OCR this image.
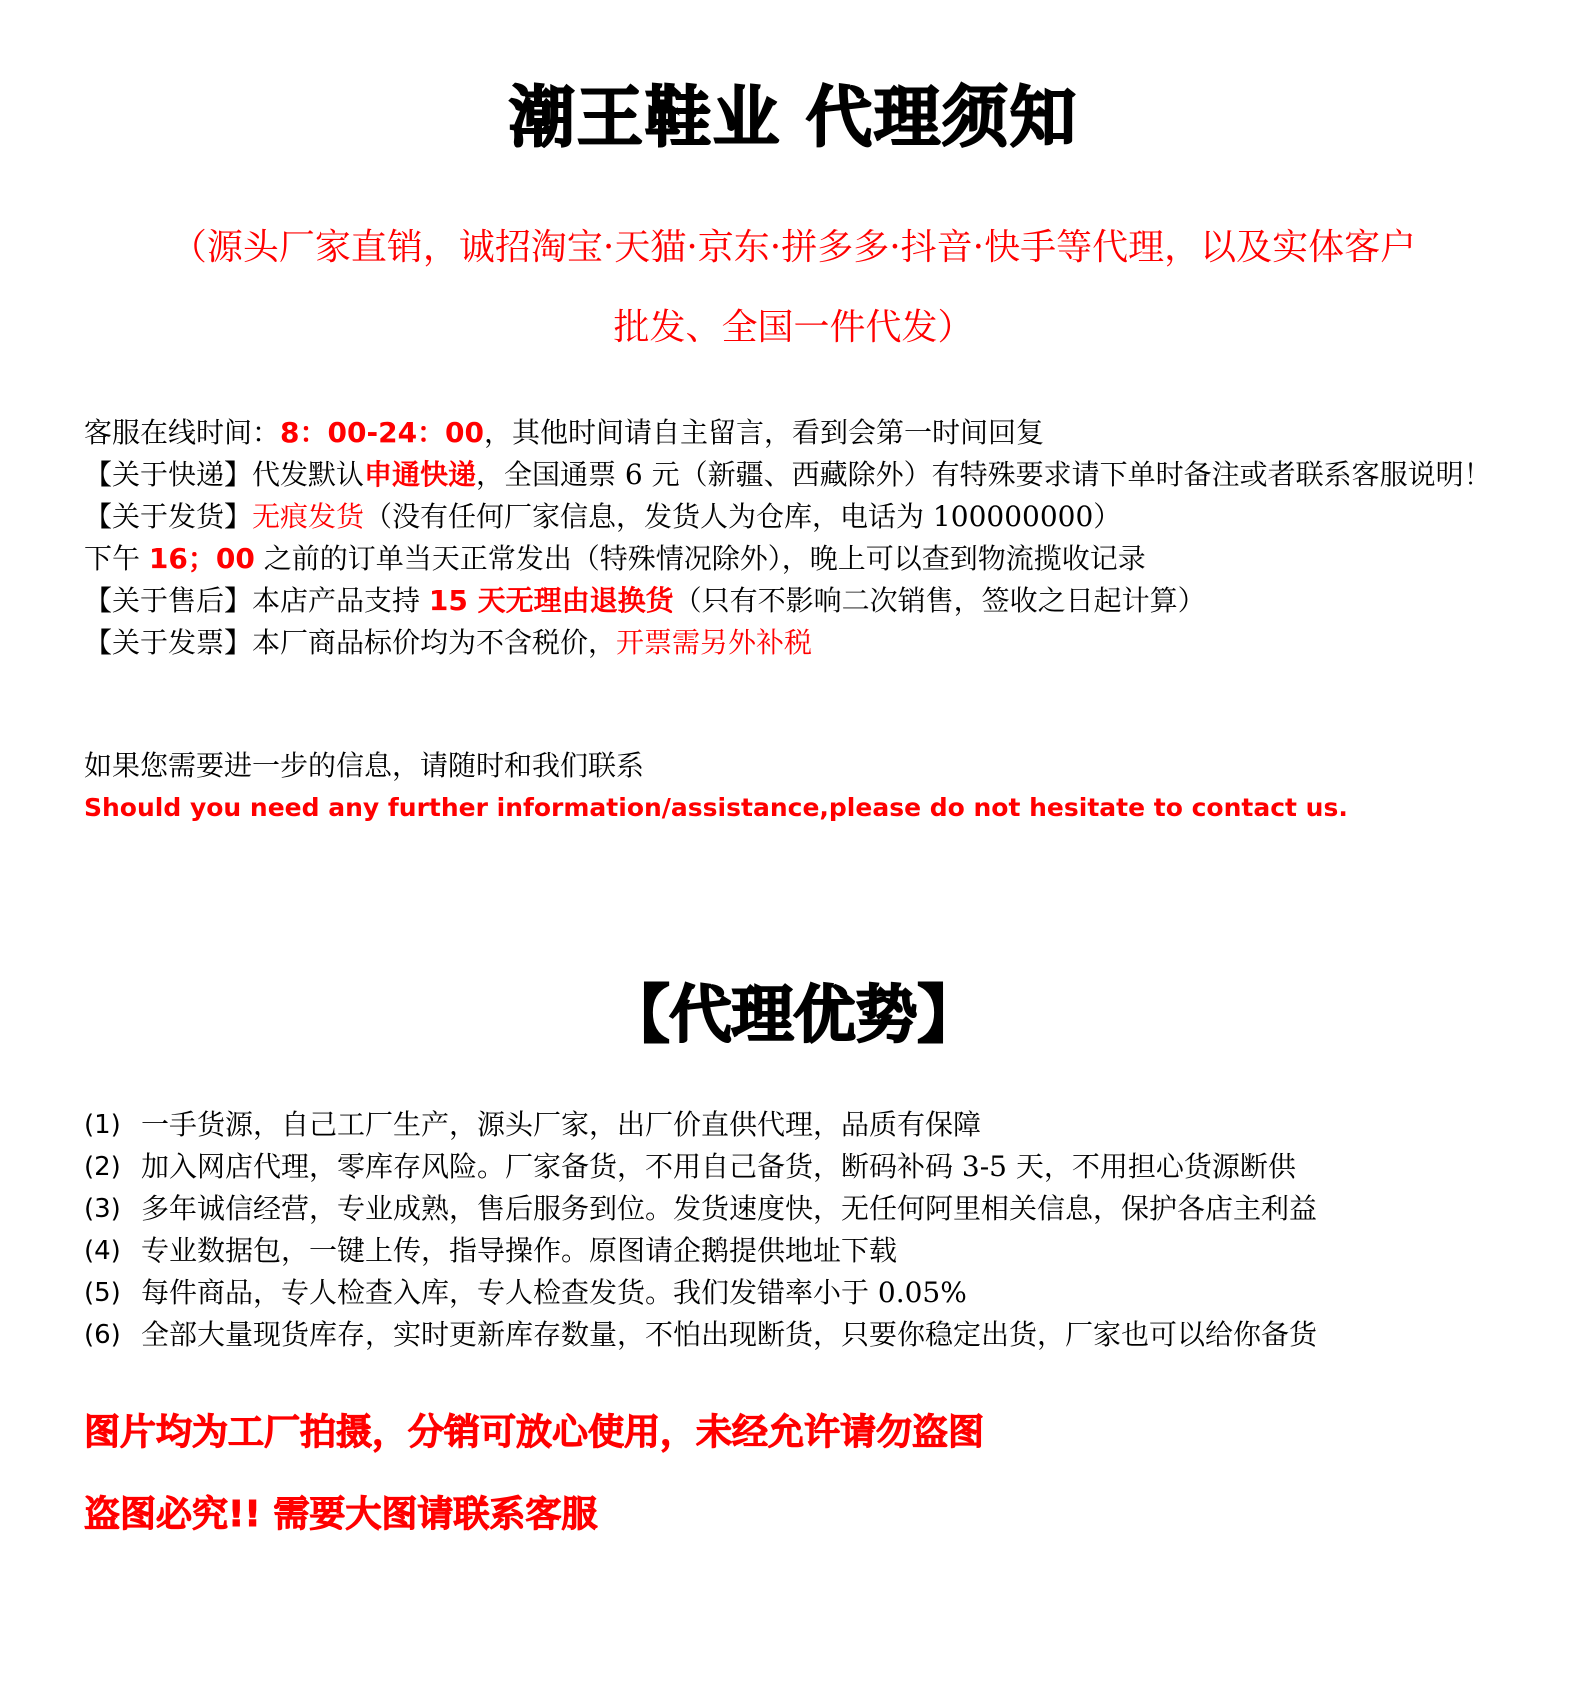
潮王鞋业 代理须知
（源头厂家直销，诚招淘宝·天猫·京东·拼多多·抖音·快手等代理，以及实体客户
批发、全国一件代发）
客服在线时间：8：00-24：00，其他时间请自主留言，看到会第一时间回复
【关于快递】代发默认申通快递，全国通票 6 元（新疆、西藏除外）有特殊要求请下单时备注或者联系客服说明！
【关于发货】无痕发货（没有任何厂家信息，发货人为仓库，电话为 100000000）
下午 16；00 之前的订单当天正常发出（特殊情况除外），晚上可以查到物流揽收记录
【关于售后】本店产品支持 15 天无理由退换货（只有不影响二次销售，签收之日起计算）
【关于发票】本厂商品标价均为不含税价，开票需另外补税
如果您需要进一步的信息，请随时和我们联系
Should you need any further information/assistance,please do not hesitate to contact us.
【代理优势】
(1) 一手货源，自己工厂生产，源头厂家，出厂价直供代理，品质有保障
(2) 加入网店代理，零库存风险。厂家备货，不用自己备货，断码补码 3-5 天，不用担心货源断供
(3) 多年诚信经营，专业成熟，售后服务到位。发货速度快，无任何阿里相关信息，保护各店主利益
(4) 专业数据包，一键上传，指导操作。原图请企鹅提供地址下载
(5) 每件商品，专人检查入库，专人检查发货。我们发错率小于 0.05%
(6) 全部大量现货库存，实时更新库存数量，不怕出现断货，只要你稳定出货，厂家也可以给你备货
图片均为工厂拍摄，分销可放心使用，未经允许请勿盗图
盗图必究!! 需要大图请联系客服
